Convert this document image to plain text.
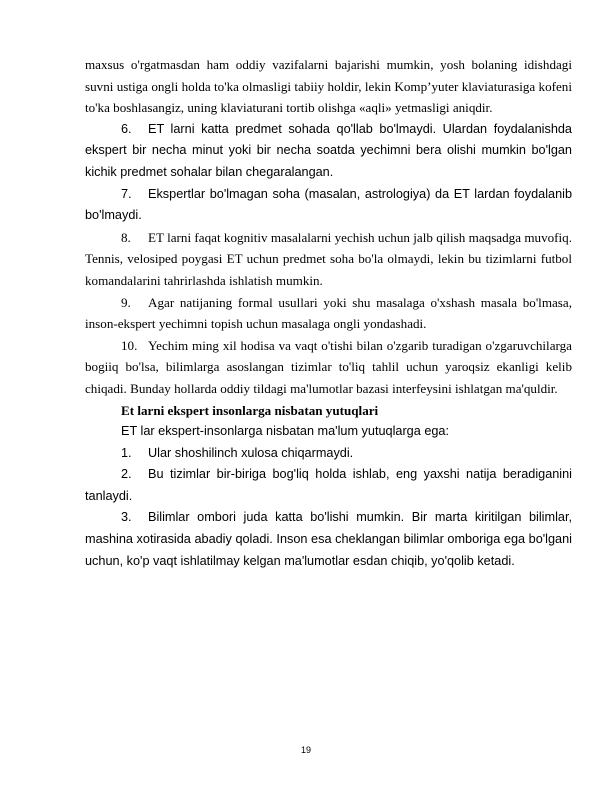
maxsus o'rgatmasdan ham oddiy vazifalarni bajarishi mumkin, yosh bolaning idishdagi suvni ustiga ongli holda to'ka olmasligi tabiiy holdir, lekin Komp’yuter klaviaturasiga kofeni to'ka boshlasangiz, uning klaviaturani tortib olishga «aqli» yetmasligi aniqdir.

6. ET larni katta predmet sohada qo'llab bo'lmaydi. Ulardan foydalanishda ekspert bir necha minut yoki bir necha soatda yechimni bera olishi mumkin bo'lgan kichik predmet sohalar bilan chegaralangan.

7. Ekspertlar bo'lmagan soha (masalan, astrologiya) da ET lardan foydalanib bo'lmaydi.

8. ET larni faqat kognitiv masalalarni yechish uchun jalb qilish maqsadga muvofiq. Tennis, velosiped poygasi ET uchun predmet soha bo'la olmaydi, lekin bu tizimlarni futbol komandalarini tahrirlashda ishlatish mumkin.

9. Agar natijaning formal usullari yoki shu masalaga o'xshash masala bo'lmasa, inson-ekspert yechimni topish uchun masalaga ongli yondashadi.

10. Yechim ming xil hodisa va vaqt o'tishi bilan o'zgarib turadigan o'zgaruvchilarga bogiiq bo'lsa, bilimlarga asoslangan tizimlar to'liq tahlil uchun yaroqsiz ekanligi kelib chiqadi. Bunday hollarda oddiy tildagi ma'lumotlar bazasi interfeysini ishlatgan ma'quldir.

Et larni ekspert insonlarga nisbatan yutuqlari

ET lar ekspert-insonlarga nisbatan ma'lum yutuqlarga ega:

1. Ular shoshilinch xulosa chiqarmaydi.

2. Bu tizimlar bir-biriga bog'liq holda ishlab, eng yaxshi natija beradiganini tanlaydi.

3. Bilimlar ombori juda katta bo'lishi mumkin. Bir marta kiritilgan bilimlar, mashina xotirasida abadiy qoladi. Inson esa cheklangan bilimlar omboriga ega bo'lgani uchun, ko'p vaqt ishlatilmay kelgan ma'lumotlar esdan chiqib, yo'qolib ketadi.

19
